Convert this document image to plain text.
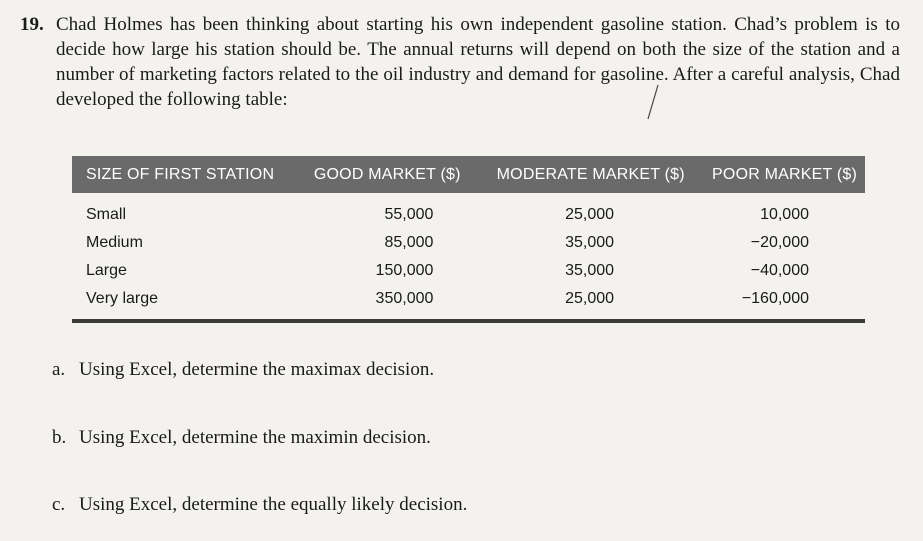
19. Chad Holmes has been thinking about starting his own independent gasoline station. Chad’s problem is to decide how large his station should be. The annual returns will depend on both the size of the station and a number of marketing factors related to the oil industry and demand for gasoline. After a careful analysis, Chad developed the following table:
SIZE OF FIRST STATION	GOOD MARKET ($)	MODERATE MARKET ($)	POOR MARKET ($)
Small	55,000	25,000	10,000
Medium	85,000	35,000	−20,000
Large	150,000	35,000	−40,000
Very large	350,000	25,000	−160,000
a. Using Excel, determine the maximax decision.
b. Using Excel, determine the maximin decision.
c. Using Excel, determine the equally likely decision.
